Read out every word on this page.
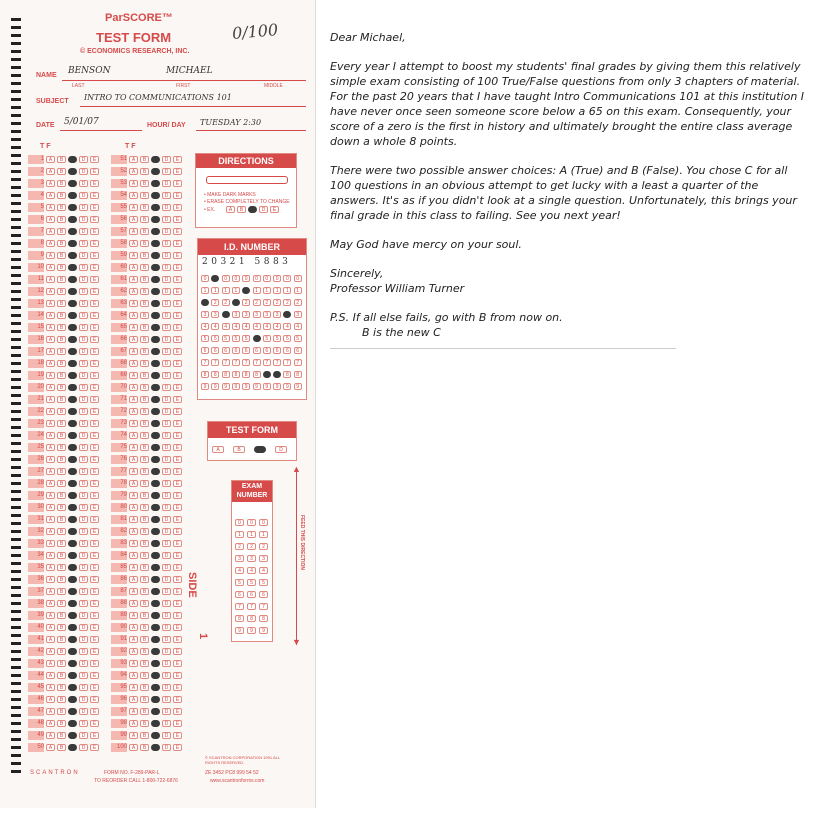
ParSCORE™
TEST FORM
© ECONOMICS RESEARCH, INC.
0/100
NAME BENSON	MICHAEL
LAST	FIRST	MIDDLE
SUBJECT INTRO TO COMMUNICATIONS 101
DATE 5/01/07	HOUR/ DAY TUESDAY 2:30
T F	T F
1 A	B	C	D	E
2 A	B	C	D	E
3 A	B	C	D	E
4 A	B	C	D	E
5 A	B	C	D	E
6 A	B	C	D	E
7 A	B	C	D	E
8 A	B	C	D	E
9 A	B	C	D	E
10 A	B	C	D	E
11 A	B	C	D	E
12 A	B	C	D	E
13 A	B	C	D	E
14 A	B	C	D	E
15 A	B	C	D	E
16 A	B	C	D	E
17 A	B	C	D	E
18 A	B	C	D	E
19 A	B	C	D	E
20 A	B	C	D	E
21 A	B	C	D	E
22 A	B	C	D	E
23 A	B	C	D	E
24 A	B	C	D	E
25 A	B	C	D	E
26 A	B	C	D	E
27 A	B	C	D	E
28 A	B	C	D	E
29 A	B	C	D	E
30 A	B	C	D	E
31 A	B	C	D	E
32 A	B	C	D	E
33 A	B	C	D	E
34 A	B	C	D	E
35 A	B	C	D	E
36 A	B	C	D	E
37 A	B	C	D	E
38 A	B	C	D	E
39 A	B	C	D	E
40 A	B	C	D	E
41 A	B	C	D	E
42 A	B	C	D	E
43 A	B	C	D	E
44 A	B	C	D	E
45 A	B	C	D	E
46 A	B	C	D	E
47 A	B	C	D	E
48 A	B	C	D	E
49 A	B	C	D	E
50 A	B	C	D	E
51 A	B	C	D	E
52 A	B	C	D	E
53 A	B	C	D	E
54 A	B	C	D	E
55 A	B	C	D	E
56 A	B	C	D	E
57 A	B	C	D	E
58 A	B	C	D	E
59 A	B	C	D	E
60 A	B	C	D	E
61 A	B	C	D	E
62 A	B	C	D	E
63 A	B	C	D	E
64 A	B	C	D	E
65 A	B	C	D	E
66 A	B	C	D	E
67 A	B	C	D	E
68 A	B	C	D	E
69 A	B	C	D	E
70 A	B	C	D	E
71 A	B	C	D	E
72 A	B	C	D	E
73 A	B	C	D	E
74 A	B	C	D	E
75 A	B	C	D	E
76 A	B	C	D	E
77 A	B	C	D	E
78 A	B	C	D	E
79 A	B	C	D	E
80 A	B	C	D	E
81 A	B	C	D	E
82 A	B	C	D	E
83 A	B	C	D	E
84 A	B	C	D	E
85 A	B	C	D	E
86 A	B	C	D	E
87 A	B	C	D	E
88 A	B	C	D	E
89 A	B	C	D	E
90 A	B	C	D	E
91 A	B	C	D	E
92 A	B	C	D	E
93 A	B	C	D	E
94 A	B	C	D	E
95 A	B	C	D	E
96 A	B	C	D	E
97 A	B	C	D	E
98 A	B	C	D	E
99 A	B	C	D	E
100 A	B	C	D	E
DIRECTIONS
• MAKE DARK MARKS
• ERASE COMPLETELY TO CHANGE
• EX.	A	B	C	D	E
I.D. NUMBER
20321 5883
0
1
2
3
4
5
6
7
8
9
0
1
2
3
4
5
6
7
8
9
0
1
2
3
4
5
6
7
8
9
0
1
2
3
4
5
6
7
8
9
0
1
2
3
4
5
6
7
8
9
0
1
2
3
4
5
6
7
8
9
0
1
2
3
4
5
6
7
8
9
0
1
2
3
4
5
6
7
8
9
0
1
2
3
4
5
6
7
8
9
0
1
2
3
4
5
6
7
8
9
TEST FORM
A	B	C	D
EXAM NUMBER
0
1
2
3
4
5
6
7
8
9
0
1
2
3
4
5
6
7
8
9
0
1
2
3
4
5
6
7
8
9
SIDE
1
▲
▼
FEED THIS DIRECTION
SCANTRON	FORM NO. F-289-PAR-L
TO REORDER CALL 1-800-722-6876
© SCANTRON CORPORATION 1991 ALL RIGHTS RESERVED.
ZE 3452 PC8 999 54 52
www.scantronforms.com

Dear Michael,

Every year I attempt to boost my students' final grades by giving them this relatively simple exam consisting of 100 True/False questions from only 3 chapters of material. For the past 20 years that I have taught Intro Communications 101 at this institution I have never once seen someone score below a 65 on this exam. Consequently, your score of a zero is the first in history and ultimately brought the entire class average down a whole 8 points.

There were two possible answer choices: A (True) and B (False). You chose C for all 100 questions in an obvious attempt to get lucky with a least a quarter of the answers. It's as if you didn't look at a single question. Unfortunately, this brings your final grade in this class to failing. See you next year!

May God have mercy on your soul.

Sincerely,

Professor William Turner

P.S. If all else fails, go with B from now on.
B is the new C
